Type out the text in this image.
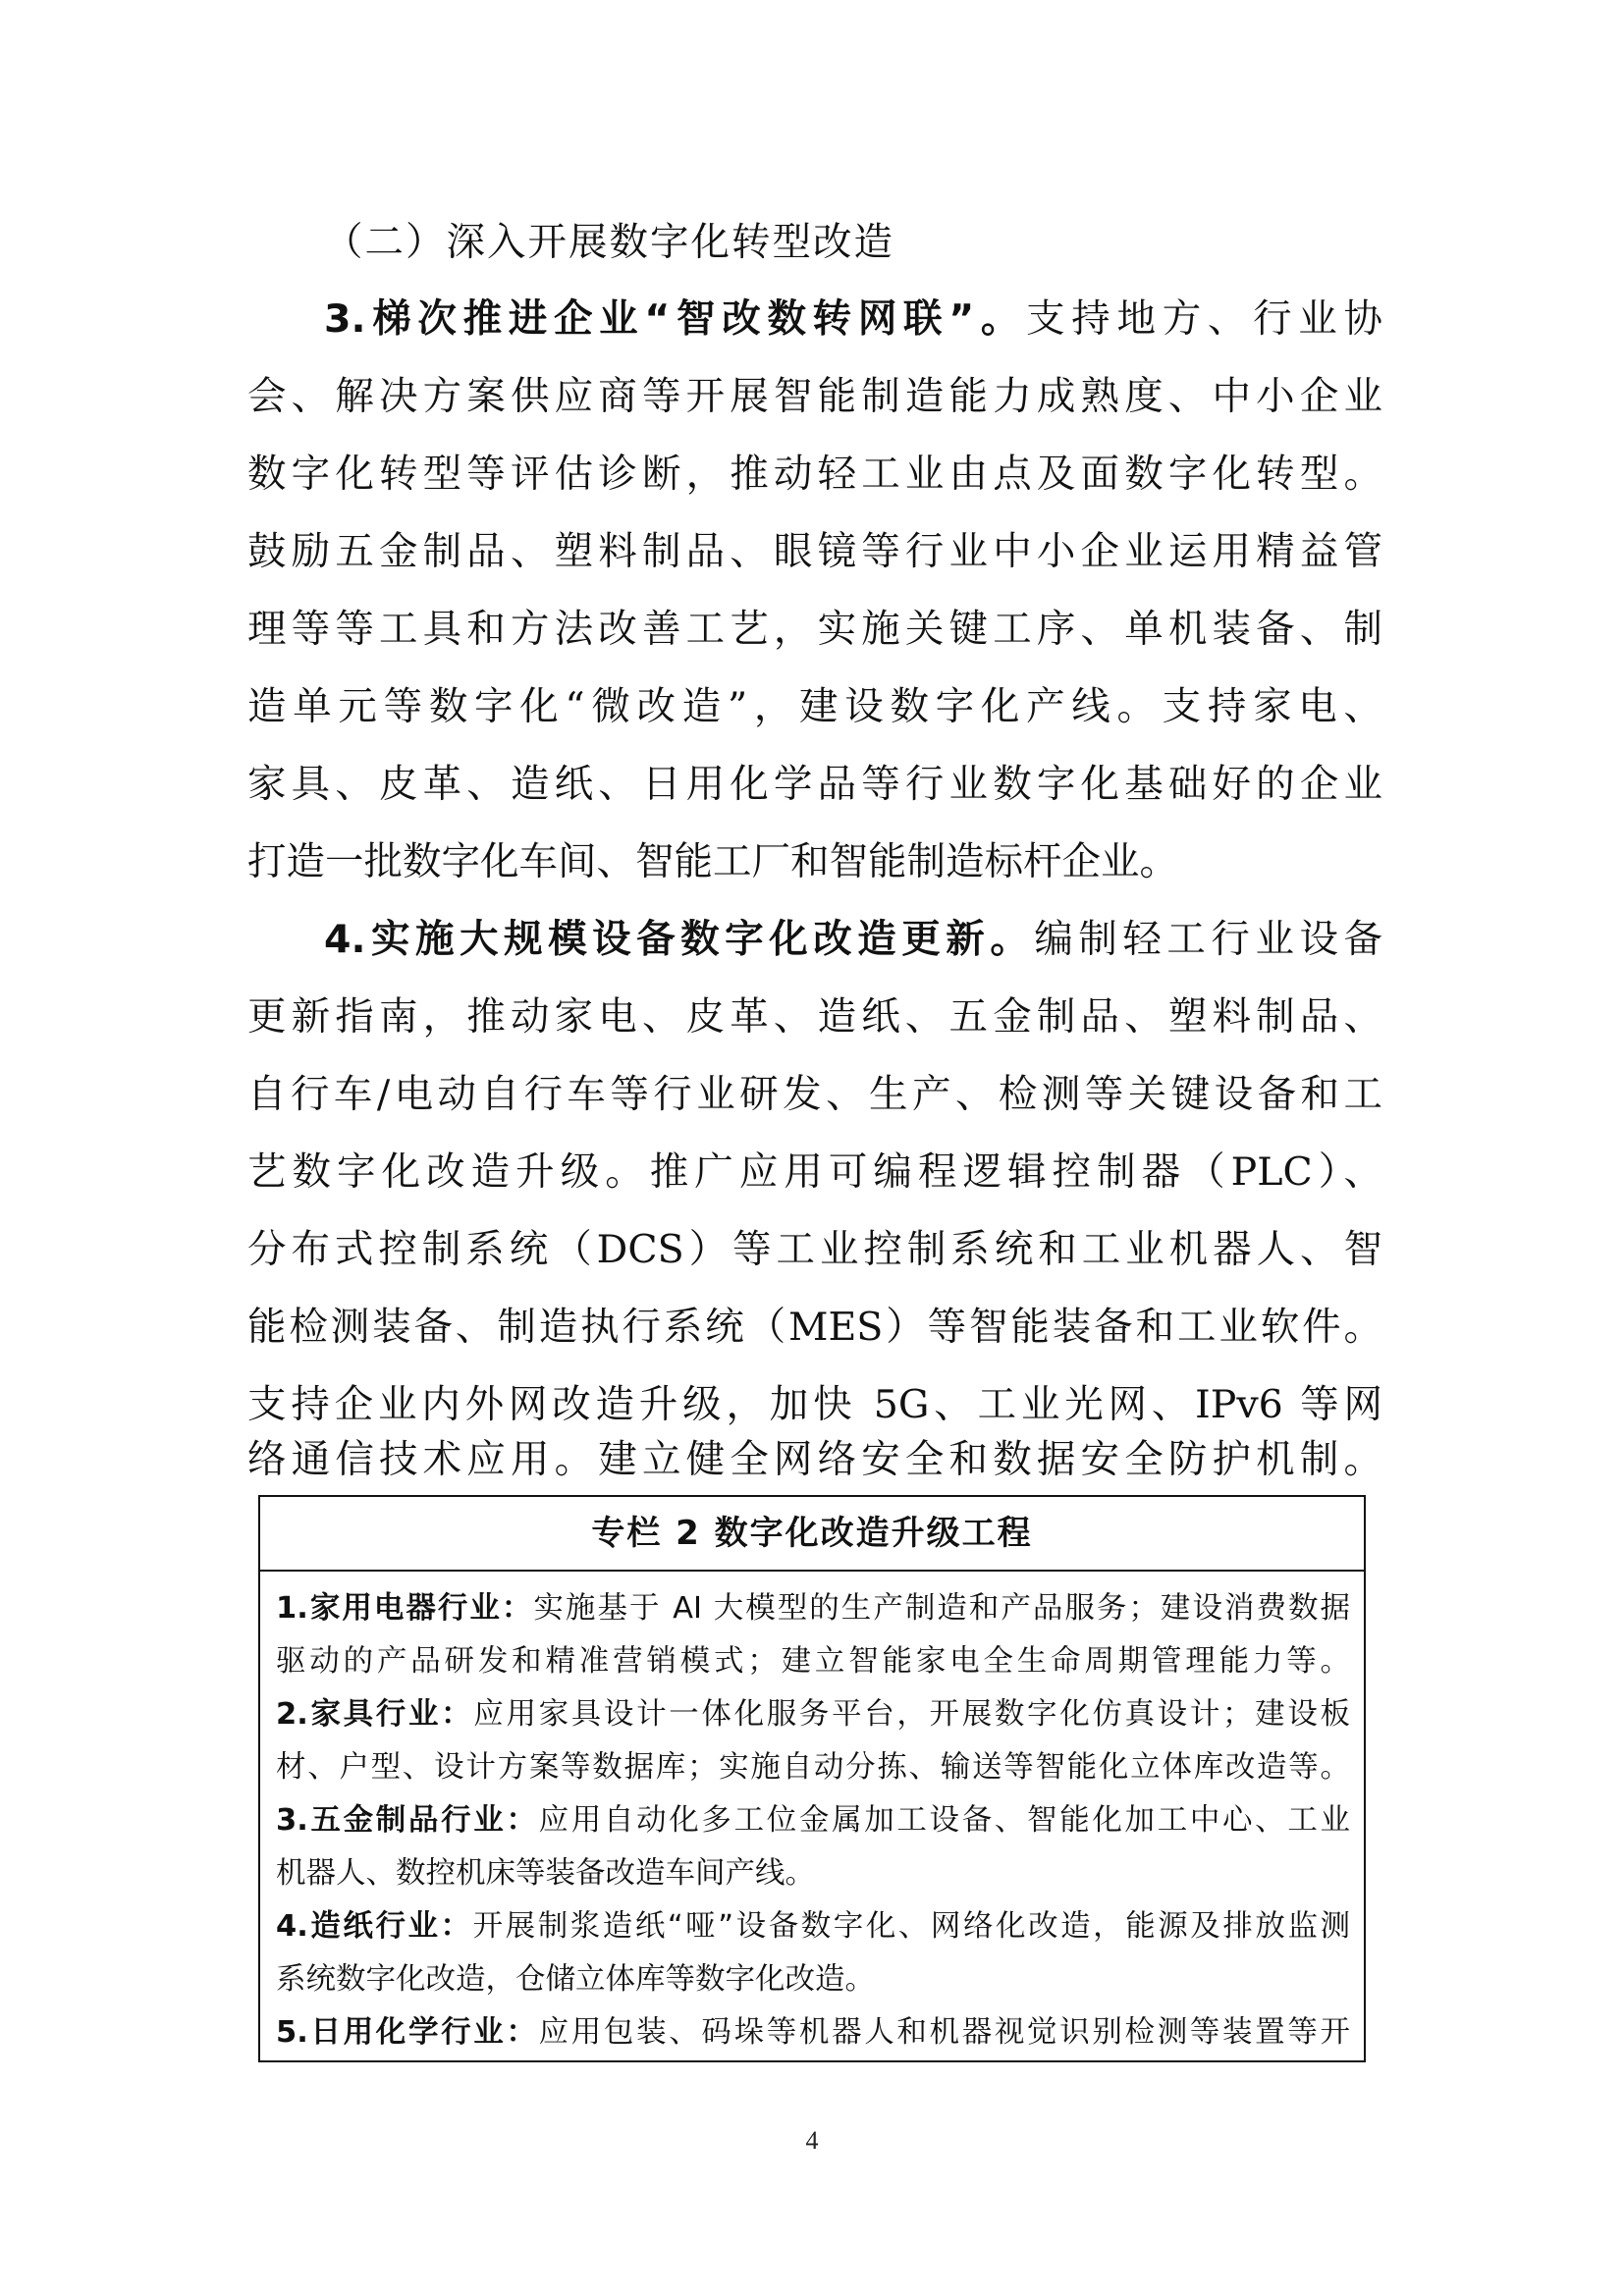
（二）深入开展数字化转型改造
3.梯次推进企业“智改数转网联”。支持地方、行业协
会、解决方案供应商等开展智能制造能力成熟度、中小企业
数字化转型等评估诊断，推动轻工业由点及面数字化转型。
鼓励五金制品、塑料制品、眼镜等行业中小企业运用精益管
理等等工具和方法改善工艺，实施关键工序、单机装备、制
造单元等数字化“微改造”，建设数字化产线。支持家电、
家具、皮革、造纸、日用化学品等行业数字化基础好的企业
打造一批数字化车间、智能工厂和智能制造标杆企业。
4.实施大规模设备数字化改造更新。编制轻工行业设备
更新指南，推动家电、皮革、造纸、五金制品、塑料制品、
自行车/电动自行车等行业研发、生产、检测等关键设备和工
艺数字化改造升级。推广应用可编程逻辑控制器（PLC）、
分布式控制系统（DCS）等工业控制系统和工业机器人、智
能检测装备、制造执行系统（MES）等智能装备和工业软件。
支持企业内外网改造升级，加快 5G、工业光网、IPv6 等网
络通信技术应用。建立健全网络安全和数据安全防护机制。
专栏 2 数字化改造升级工程
1.家用电器行业：实施基于 AI 大模型的生产制造和产品服务；建设消费数据
驱动的产品研发和精准营销模式；建立智能家电全生命周期管理能力等。
2.家具行业：应用家具设计一体化服务平台，开展数字化仿真设计；建设板
材、户型、设计方案等数据库；实施自动分拣、输送等智能化立体库改造等。
3.五金制品行业：应用自动化多工位金属加工设备、智能化加工中心、工业
机器人、数控机床等装备改造车间产线。
4.造纸行业：开展制浆造纸“哑”设备数字化、网络化改造，能源及排放监测
系统数字化改造，仓储立体库等数字化改造。
5.日用化学行业：应用包装、码垛等机器人和机器视觉识别检测等装置等开
4
